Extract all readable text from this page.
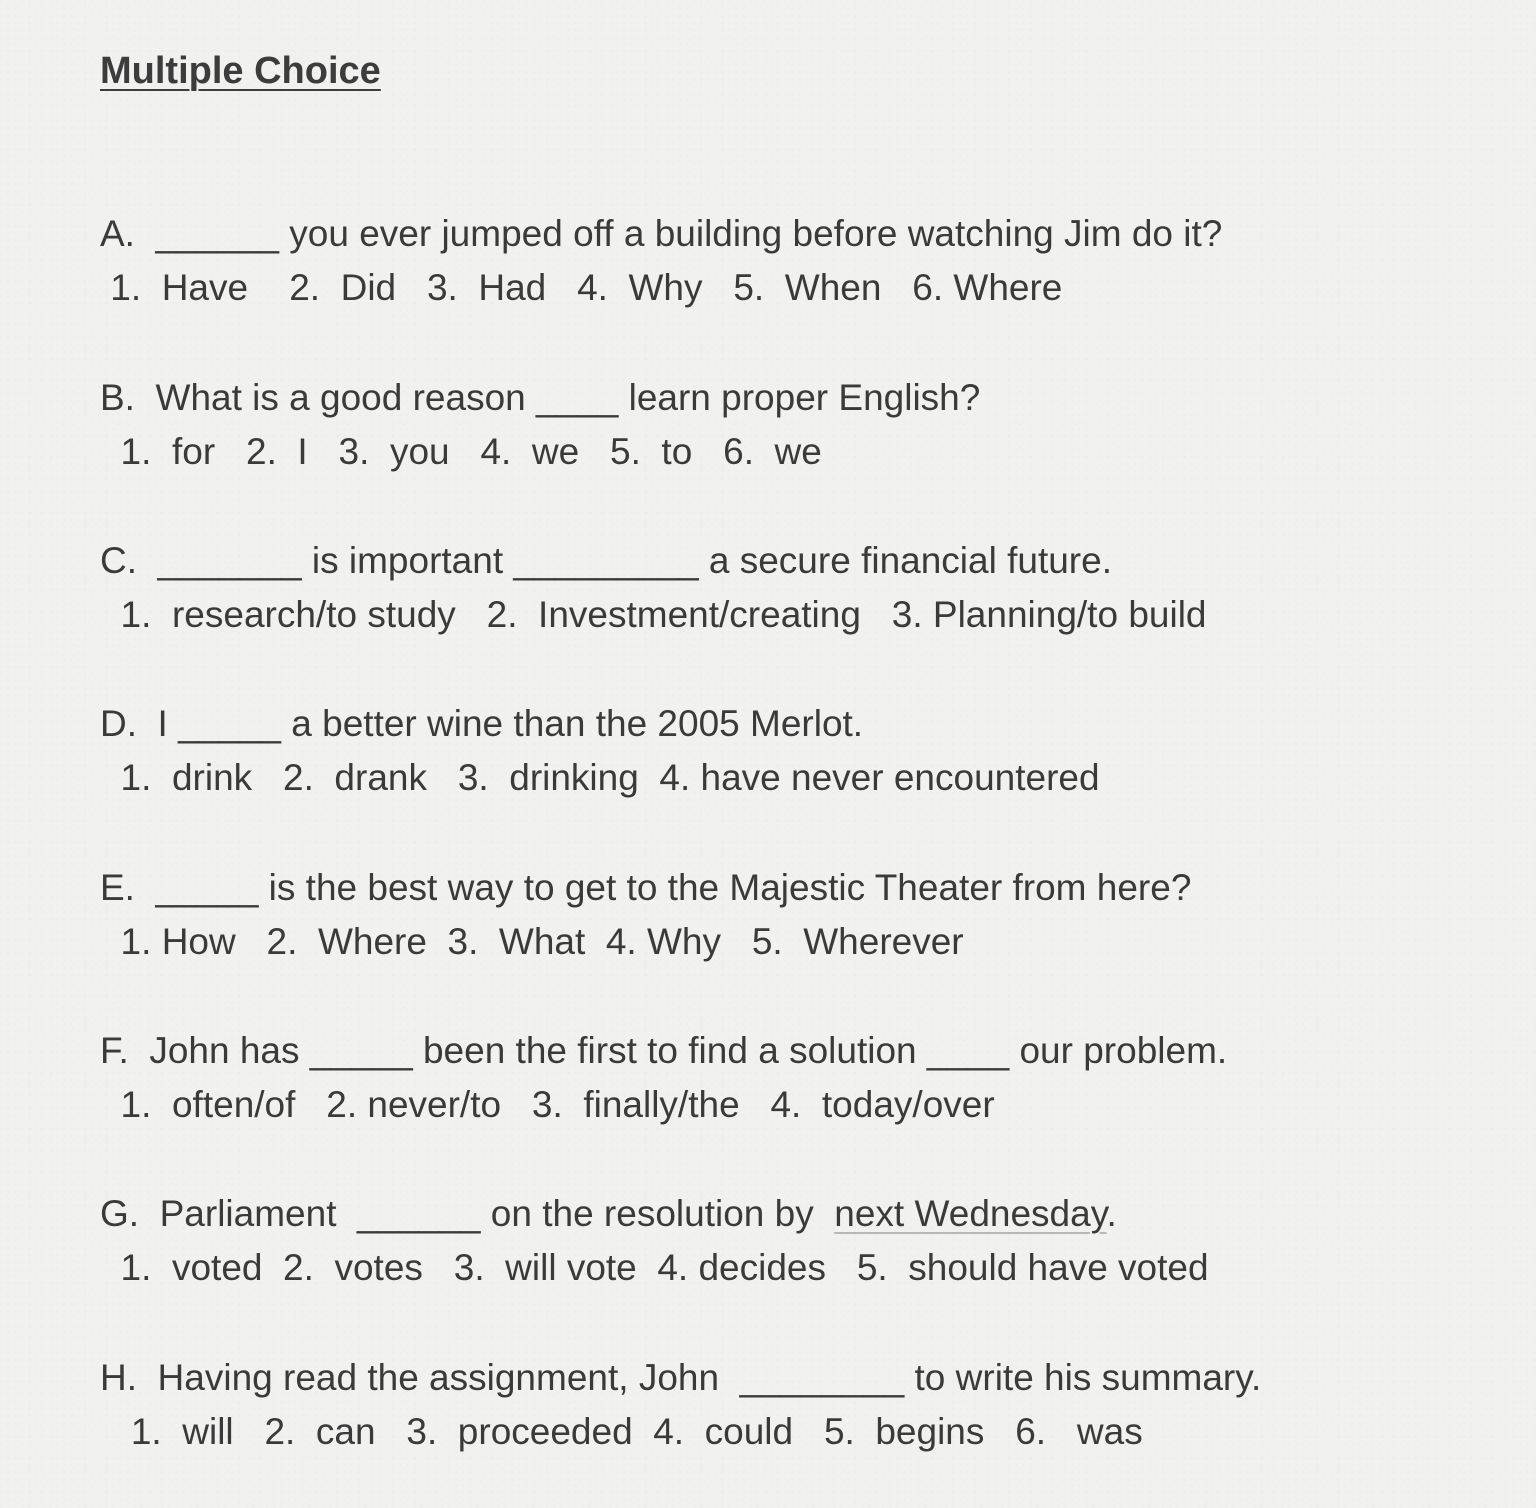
Multiple Choice
A.  ______ you ever jumped off a building before watching Jim do it?
1.  Have    2.  Did   3.  Had   4.  Why   5.  When   6. Where
B.  What is a good reason ____ learn proper English?
1.  for   2.  I   3.  you   4.  we   5.  to   6.  we
C.  _______ is important _________ a secure financial future.
1.  research/to study   2.  Investment/creating   3. Planning/to build
D.  I _____ a better wine than the 2005 Merlot.
1.  drink   2.  drank   3.  drinking  4. have never encountered
E.  _____ is the best way to get to the Majestic Theater from here?
1. How   2.  Where  3.  What  4. Why   5.  Wherever
F.  John has _____ been the first to find a solution ____ our problem.
1.  often/of   2. never/to   3.  finally/the   4.  today/over
G.  Parliament  ______ on the resolution by  next Wednesday.
1.  voted  2.  votes   3.  will vote  4. decides   5.  should have voted
H.  Having read the assignment, John  ________ to write his summary.
1.  will   2.  can   3.  proceeded  4.  could   5.  begins   6.   was
